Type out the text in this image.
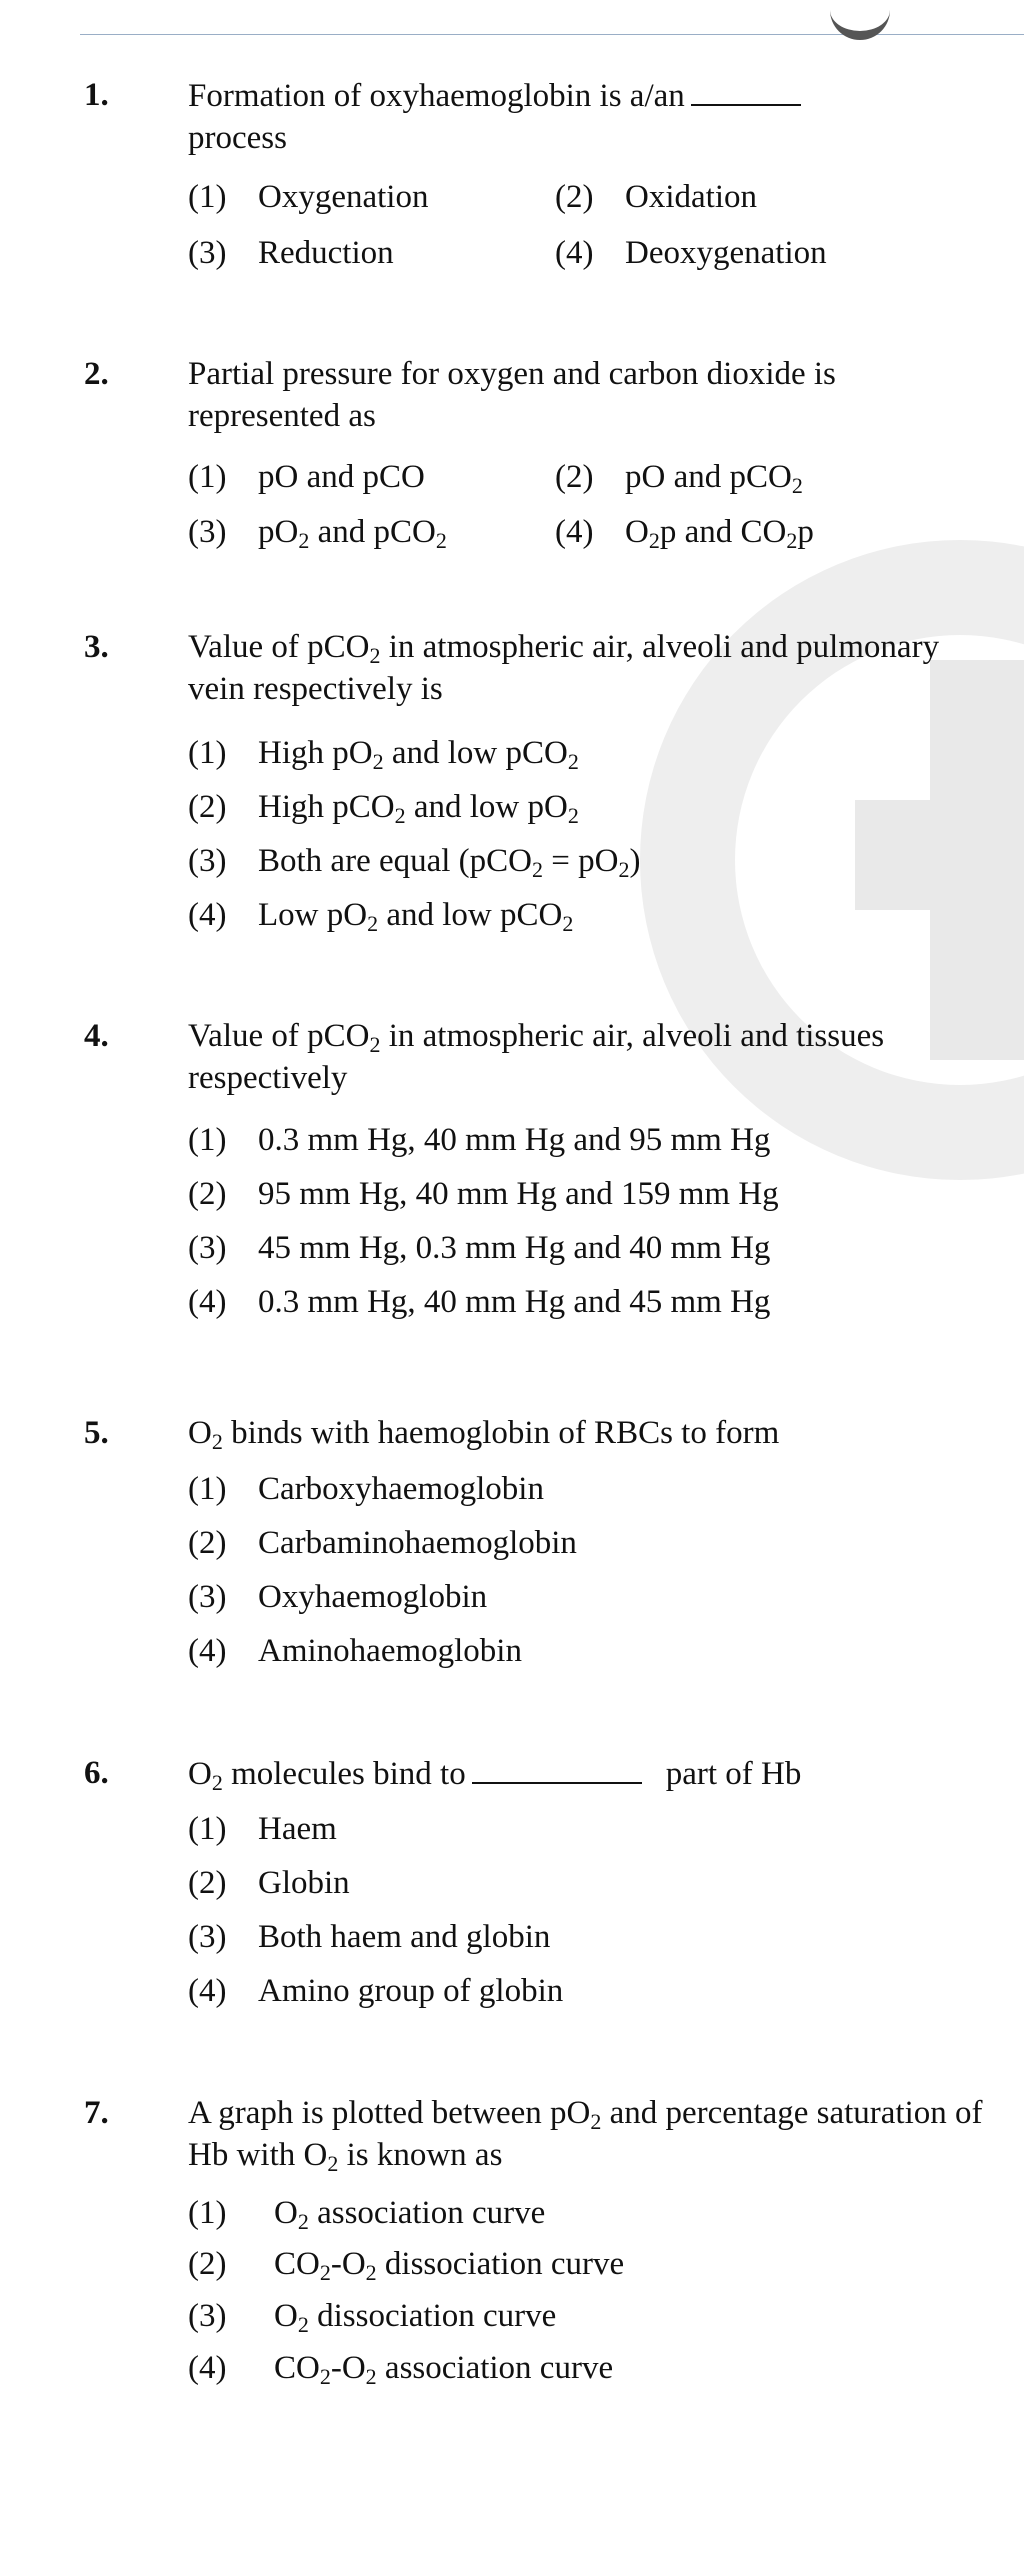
1. Formation of oxyhaemoglobin is a/an
process
(1) Oxygenation	(2) Oxidation
(3) Reduction	(4) Deoxygenation
2. Partial pressure for oxygen and carbon dioxide is represented as
(1) pO and pCO	(2) pO and pCO$_2$
(3) $pO_2$ and pCO$_2$	(4) $O_2p$ and $CO_2p$
3. Value of pCO$_2$ in atmospheric air, alveoli and pulmonary vein respectively is
(1) High $pO_2$ and low pCO$_2$
(2) High pCO$_2$ and low $pO_2$
(3) Both are equal $(pCO_2 = pO_2)$
(4) Low $pO_2$ and low pCO$_2$
4. Value of pCO$_2$ in atmospheric air, alveoli and tissues respectively
(1) 0.3 mm Hg, 40 mm Hg and 95 mm Hg
(2) 95 mm Hg, 40 mm Hg and 159 mm Hg
(3) 45 mm Hg, 0.3 mm Hg and 40 mm Hg
(4) 0.3 mm Hg, 40 mm Hg and 45 mm Hg
5. $O_2$ binds with haemoglobin of RBCs to form
(1) Carboxyhaemoglobin
(2) Carbaminohaemoglobin
(3) Oxyhaemoglobin
(4) Aminohaemoglobin
6. $O_2$ molecules bind to	part of Hb
(1) Haem
(2) Globin
(3) Both haem and globin
(4) Amino group of globin
7. A graph is plotted between $pO_2$ and percentage saturation of Hb with $O_2$ is known as
(1) $O_2$ association curve
(2) $CO_2-O_2$ dissociation curve
(3) $O_2$ dissociation curve
(4) $CO_2-O_2$ association curve
